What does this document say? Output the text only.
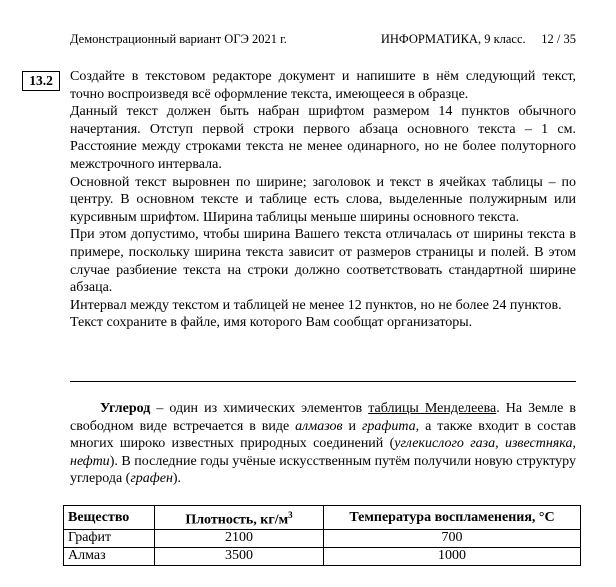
Демонстрационный вариант ОГЭ 2021 г.	ИНФОРМАТИКА, 9 класс.     12 / 35
13.2	Создайте в текстовом редакторе документ и напишите в нём следующий текст, точно воспроизведя всё оформление текста, имеющееся в образце.

Данный текст должен быть набран шрифтом размером 14 пунктов обычного начертания. Отступ первой строки первого абзаца основного текста – 1 см. Расстояние между строками текста не менее одинарного, но не более полуторного межстрочного интервала.

Основной текст выровнен по ширине; заголовок и текст в ячейках таблицы – по центру. В основном тексте и таблице есть слова, выделенные полужирным или курсивным шрифтом. Ширина таблицы меньше ширины основного текста.

При этом допустимо, чтобы ширина Вашего текста отличалась от ширины текста в примере, поскольку ширина текста зависит от размеров страницы и полей. В этом случае разбиение текста на строки должно соответствовать стандартной ширине абзаца.

Интервал между текстом и таблицей не менее 12 пунктов, но не более 24 пунктов.

Текст сохраните в файле, имя которого Вам сообщат организаторы.

Углерод – один из химических элементов таблицы Менделеева. На Земле в свободном виде встречается в виде алмазов и графита, а также входит в состав многих широко известных природных соединений (углекислого газа, известняка, нефти). В последние годы учёные искусственным путём получили новую структуру углерода (графен).
Вещество	Плотность, $кг/м^3$	Температура воспламенения, °С
Графит	2100	700
Алмаз	3500	1000
